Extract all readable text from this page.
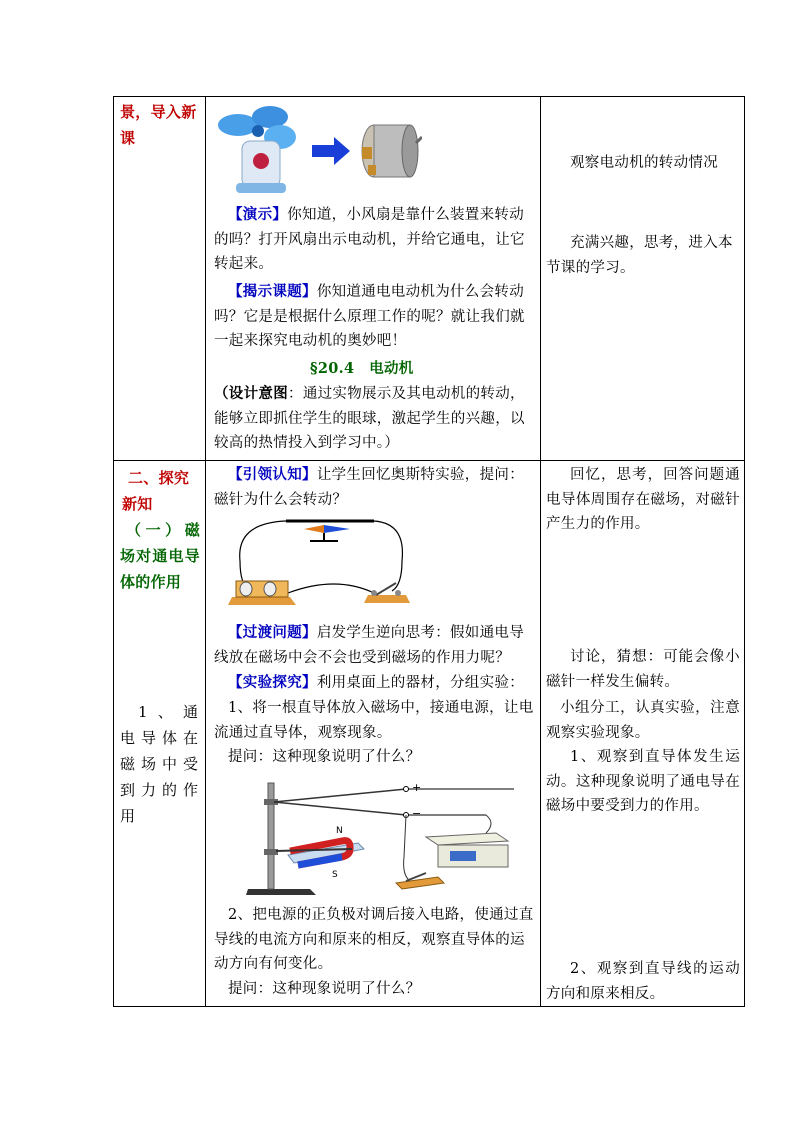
景，导入新课
【演示】你知道，小风扇是靠什么装置来转动的吗？打开风扇出示电动机，并给它通电，让它转起来。
【揭示课题】你知道通电电动机为什么会转动吗？它是是根据什么原理工作的呢？就让我们就一起来探究电动机的奥妙吧！
§20.4　电动机
（设计意图：通过实物展示及其电动机的转动，能够立即抓住学生的眼球，激起学生的兴趣，以较高的热情投入到学习中。）
观察电动机的转动情况
充满兴趣，思考，进入本节课的学习。
二、探究新知
（一）磁场对通电导体的作用
1、通电导体在磁场中受到力的作用
【引领认知】让学生回忆奥斯特实验，提问：磁针为什么会转动？
【过渡问题】启发学生逆向思考：假如通电导线放在磁场中会不会也受到磁场的作用力呢？
【实验探究】利用桌面上的器材，分组实验：
1、将一根直导体放入磁场中，接通电源，让电流通过直导体，观察现象。
提问：这种现象说明了什么？
N
S
+
−
2、把电源的正负极对调后接入电路，使通过直导线的电流方向和原来的相反，观察直导体的运动方向有何变化。
提问：这种现象说明了什么？
回忆，思考，回答问题通电导体周围存在磁场，对磁针产生力的作用。
讨论，猜想：可能会像小磁针一样发生偏转。
小组分工，认真实验，注意观察实验现象。
1、观察到直导体发生运动。这种现象说明了通电导在磁场中要受到力的作用。
2、观察到直导线的运动方向和原来相反。
